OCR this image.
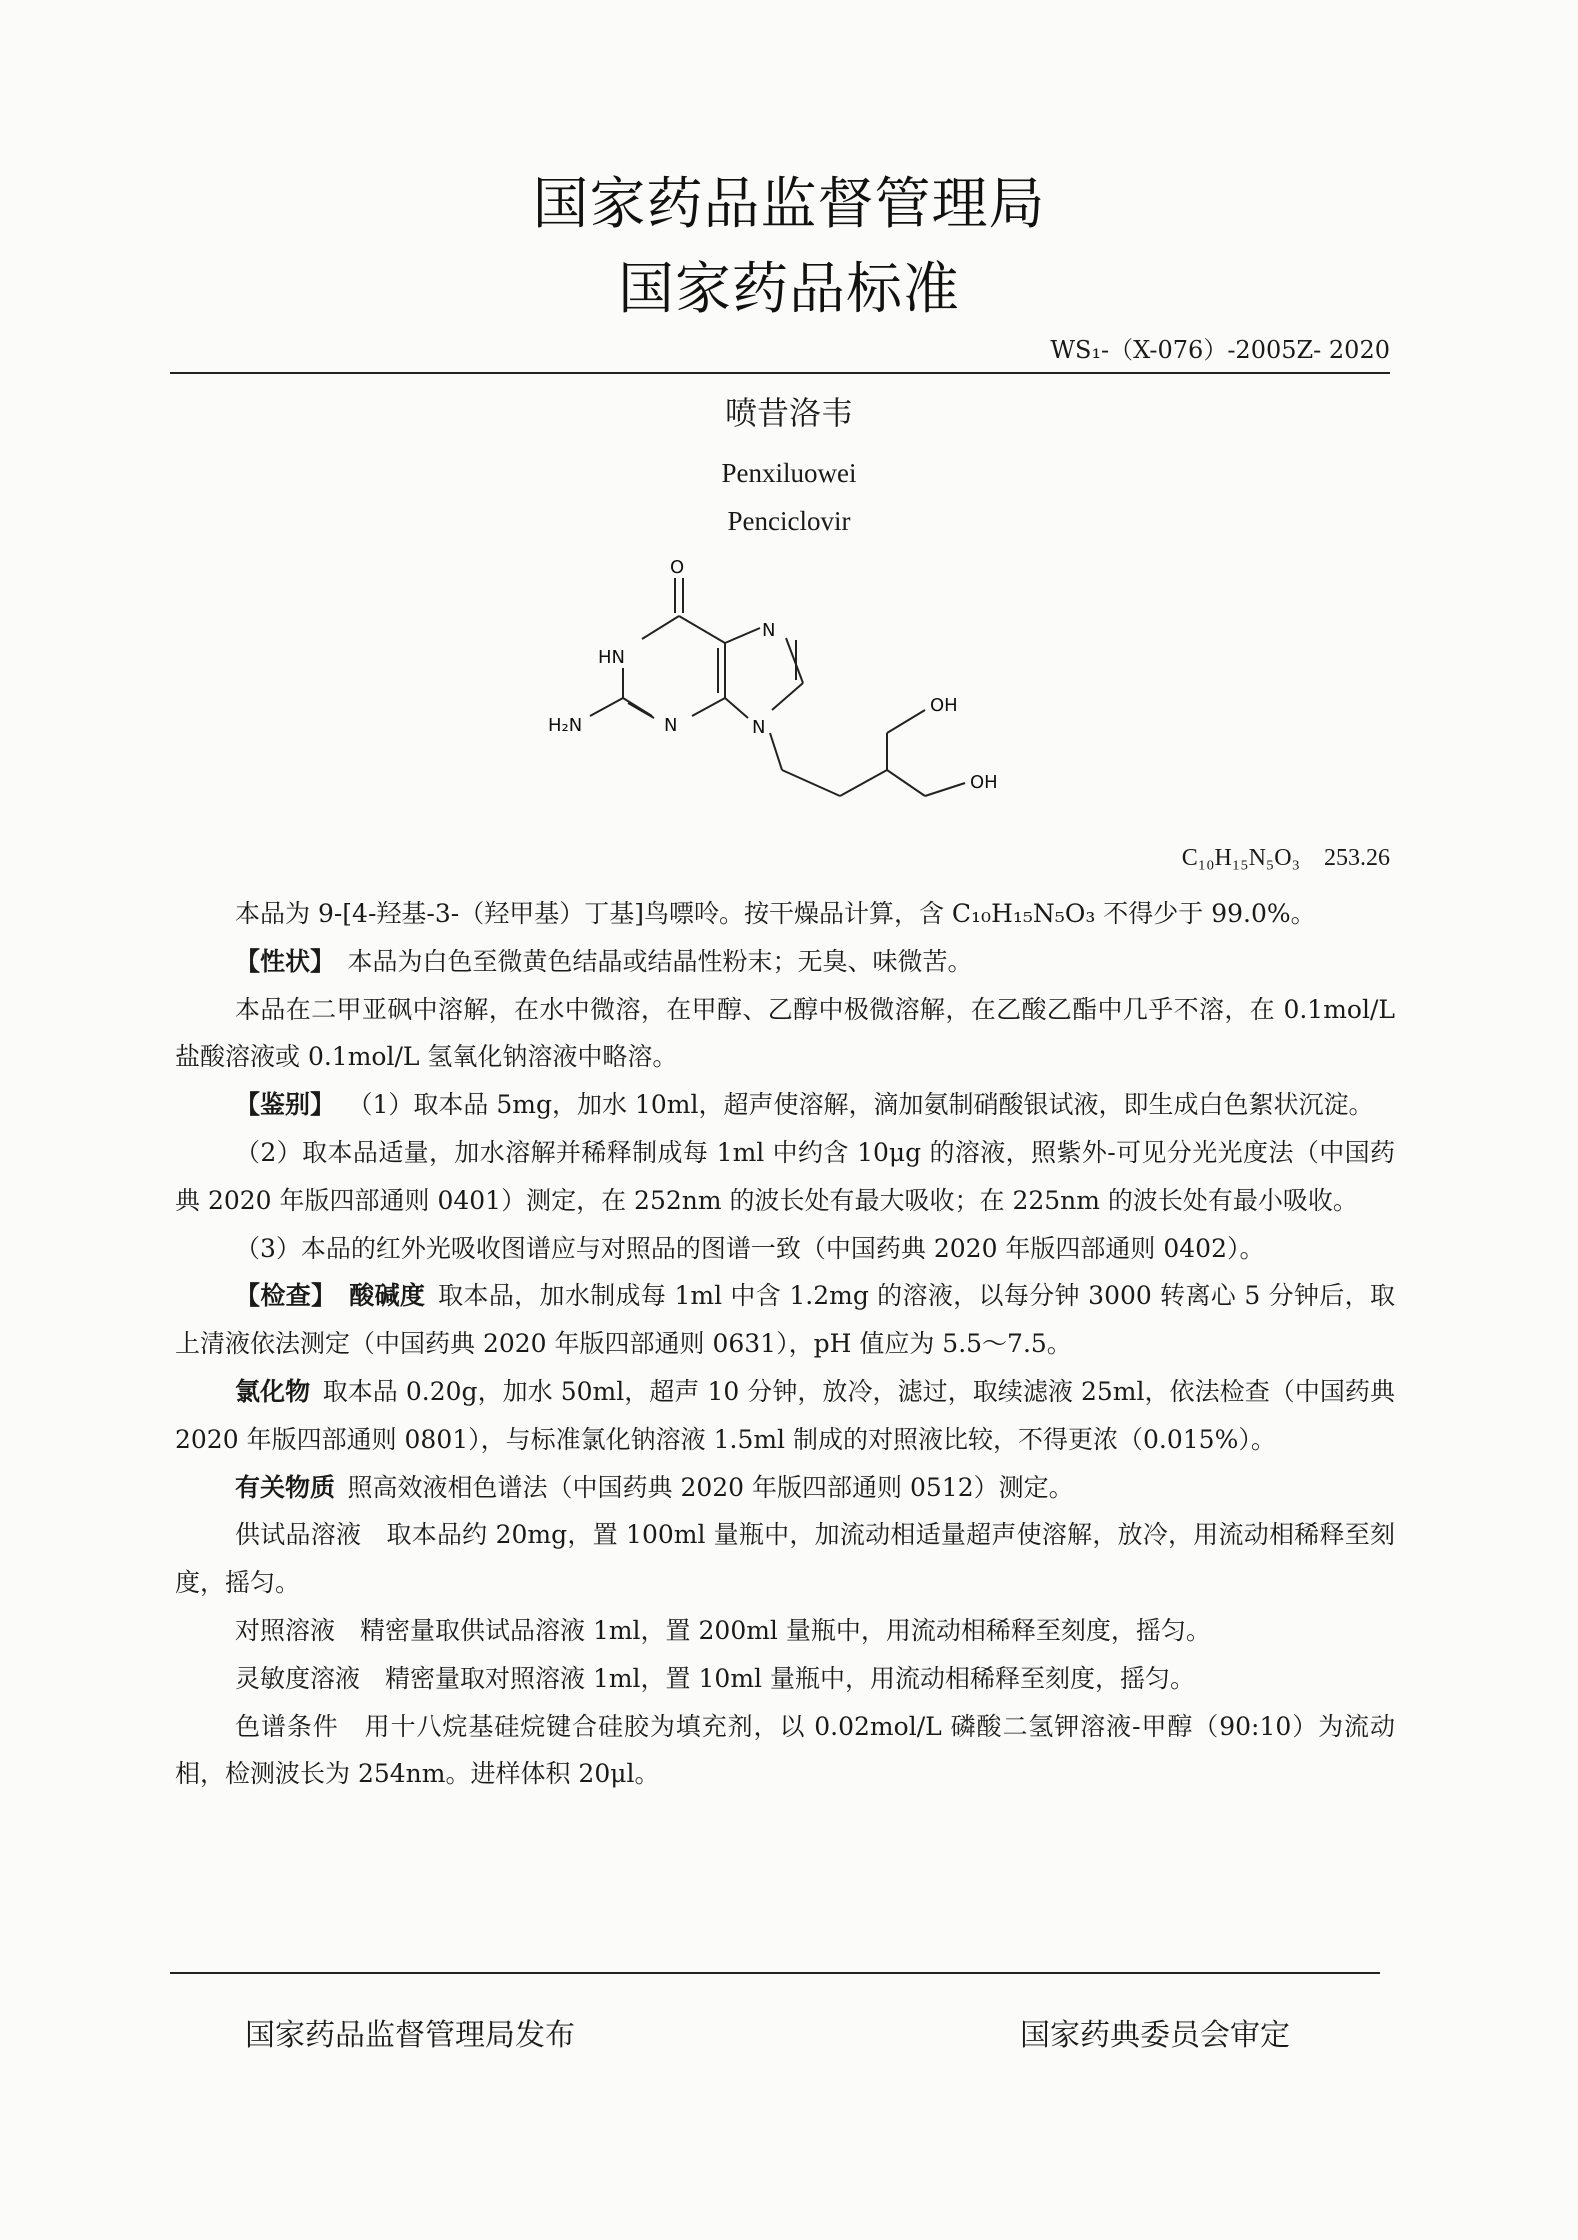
国家药品监督管理局
国家药品标准
WS₁-（X-076）-2005Z- 2020
喷昔洛韦
Penxiluowei
Penciclovir
O
HN
N
N	N
H₂N
OH
OH
C₁₀H₁₅N₅O₃  253.26

本品为 9-[4-羟基-3-（羟甲基）丁基]鸟嘌呤。按干燥品计算，含 C₁₀H₁₅N₅O₃ 不得少于 99.0%。

【性状】  本品为白色至微黄色结晶或结晶性粉末；无臭、味微苦。

本品在二甲亚砜中溶解，在水中微溶，在甲醇、乙醇中极微溶解，在乙酸乙酯中几乎不溶，在 0.1mol/L 盐酸溶液或 0.1mol/L 氢氧化钠溶液中略溶。

【鉴别】  （1）取本品 5mg，加水 10ml，超声使溶解，滴加氨制硝酸银试液，即生成白色絮状沉淀。

（2）取本品适量，加水溶解并稀释制成每 1ml 中约含 10μg 的溶液，照紫外-可见分光光度法（中国药典 2020 年版四部通则 0401）测定，在 252nm 的波长处有最大吸收；在 225nm 的波长处有最小吸收。

（3）本品的红外光吸收图谱应与对照品的图谱一致（中国药典 2020 年版四部通则 0402）。

【检查】  酸碱度  取本品，加水制成每 1ml 中含 1.2mg 的溶液，以每分钟 3000 转离心 5 分钟后，取上清液依法测定（中国药典 2020 年版四部通则 0631），pH 值应为 5.5～7.5。

氯化物  取本品 0.20g，加水 50ml，超声 10 分钟，放冷，滤过，取续滤液 25ml，依法检查（中国药典 2020 年版四部通则 0801），与标准氯化钠溶液 1.5ml 制成的对照液比较，不得更浓（0.015%）。

有关物质  照高效液相色谱法（中国药典 2020 年版四部通则 0512）测定。

供试品溶液　取本品约 20mg，置 100ml 量瓶中，加流动相适量超声使溶解，放冷，用流动相稀释至刻度，摇匀。

对照溶液　精密量取供试品溶液 1ml，置 200ml 量瓶中，用流动相稀释至刻度，摇匀。

灵敏度溶液　精密量取对照溶液 1ml，置 10ml 量瓶中，用流动相稀释至刻度，摇匀。

色谱条件　用十八烷基硅烷键合硅胶为填充剂，以 0.02mol/L 磷酸二氢钾溶液-甲醇（90:10）为流动相，检测波长为 254nm。进样体积 20μl。

国家药品监督管理局发布	国家药典委员会审定
